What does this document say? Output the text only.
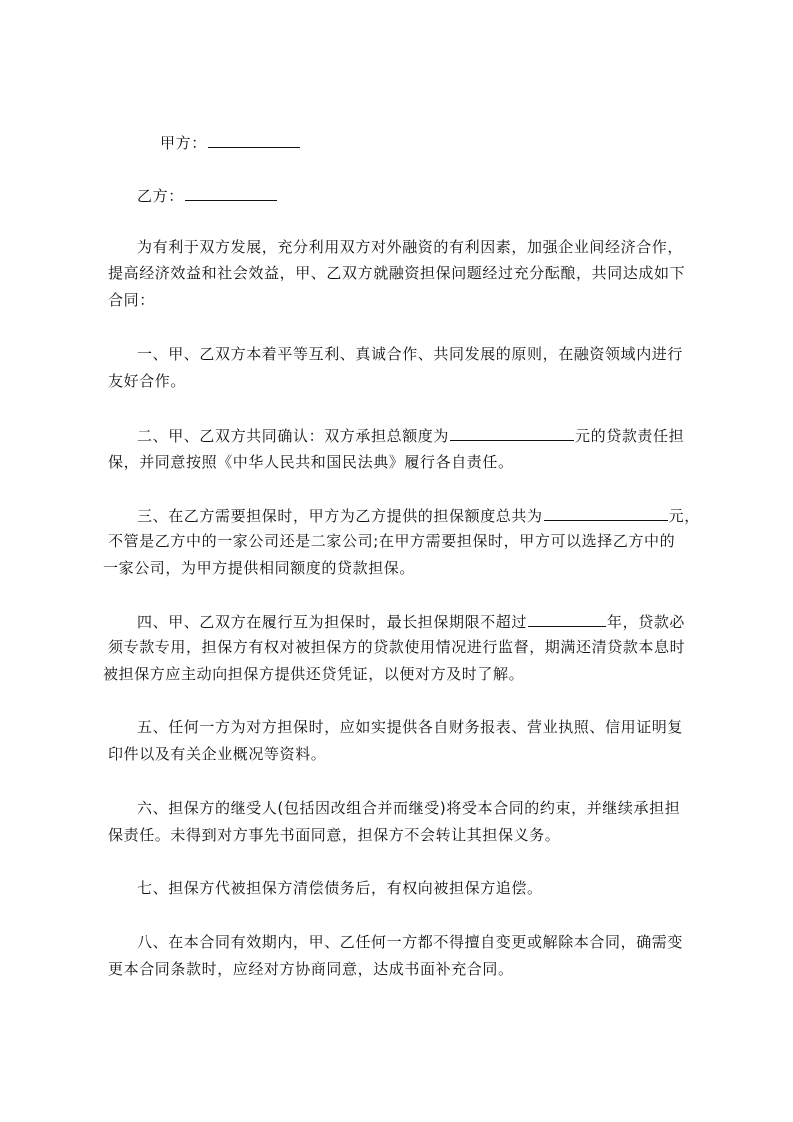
甲方：
乙方：
为有利于双方发展，充分利用双方对外融资的有利因素，加强企业间经济合作，
提高经济效益和社会效益，甲、乙双方就融资担保问题经过充分酝酿，共同达成如下
合同：
一、甲、乙双方本着平等互利、真诚合作、共同发展的原则，在融资领域内进行
友好合作。
二、甲、乙双方共同确认：双方承担总额度为	元的贷款责任担
保，并同意按照《中华人民共和国民法典》履行各自责任。
三、在乙方需要担保时，甲方为乙方提供的担保额度总共为	元，
不管是乙方中的一家公司还是二家公司;在甲方需要担保时，甲方可以选择乙方中的
一家公司，为甲方提供相同额度的贷款担保。
四、甲、乙双方在履行互为担保时，最长担保期限不超过	年，贷款必
须专款专用，担保方有权对被担保方的贷款使用情况进行监督，期满还清贷款本息时
被担保方应主动向担保方提供还贷凭证，以便对方及时了解。
五、任何一方为对方担保时，应如实提供各自财务报表、营业执照、信用证明复
印件以及有关企业概况等资料。
六、担保方的继受人(包括因改组合并而继受)将受本合同的约束，并继续承担担
保责任。未得到对方事先书面同意，担保方不会转让其担保义务。
七、担保方代被担保方清偿债务后，有权向被担保方追偿。
八、在本合同有效期内，甲、乙任何一方都不得擅自变更或解除本合同，确需变
更本合同条款时，应经对方协商同意，达成书面补充合同。
